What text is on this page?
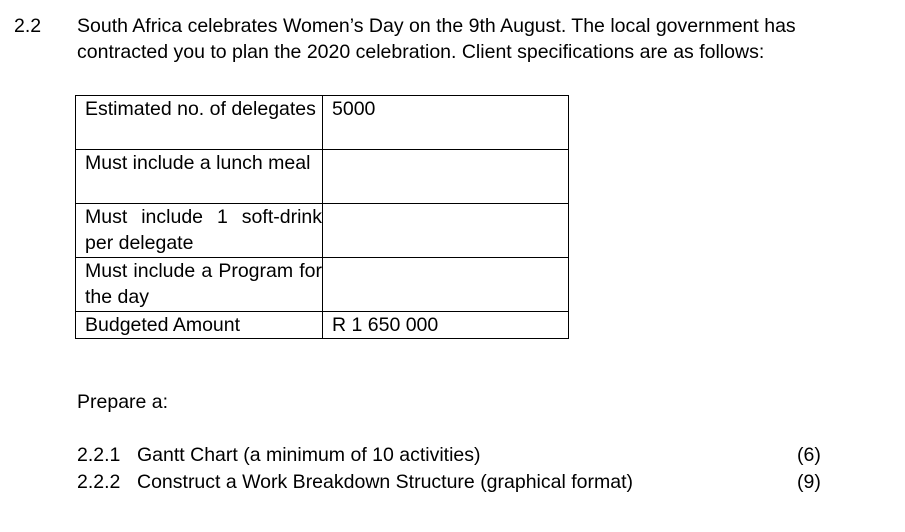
2.2 South Africa celebrates Women’s Day on the 9th August. The local government has contracted you to plan the 2020 celebration. Client specifications are as follows:
Estimated no. of delegates	5000
Must include a lunch meal	
Must include 1 soft-drink per delegate	
Must include a Program for the day	
Budgeted Amount	R 1 650 000
Prepare a:
2.2.1 Gantt Chart (a minimum of 10 activities)	(6)
2.2.2 Construct a Work Breakdown Structure (graphical format)	(9)
